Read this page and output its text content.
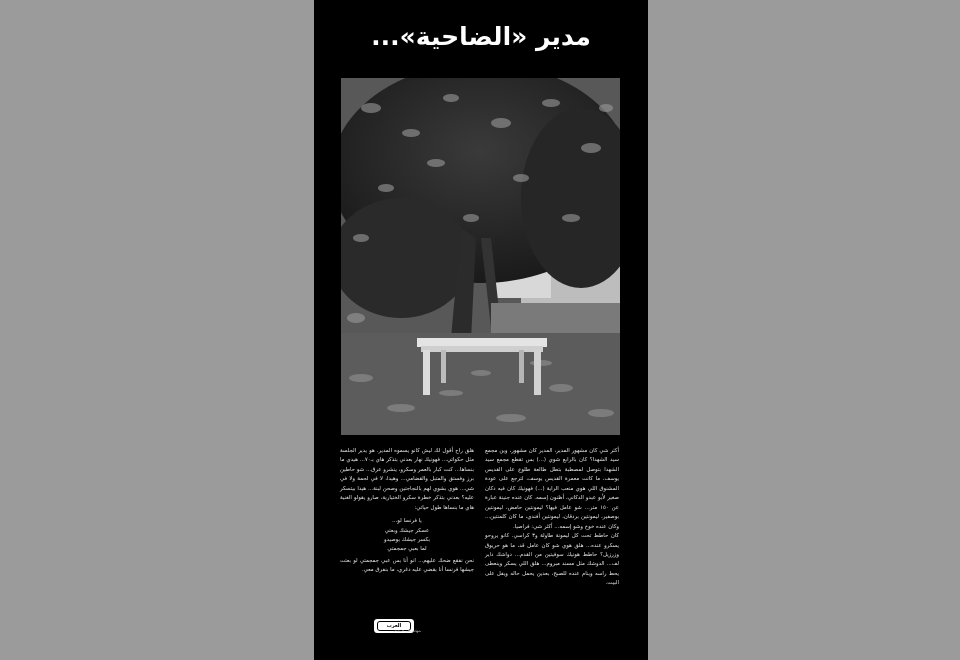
مدير «الضاحية»...

أكثر شي كان مشهور المدير، المدير كان مشهور، وين مجمع سيد الشهدا؟ كان بالرابع شوي (...) بس تقطع مجمع سيد الشهدا بتوصل لمصطبة بتطل طالعة طلوع على القديس يوسف، ما كانت معمرة القديس يوسف، لترجع على عودة المشنوق اللي هوي منعب الراية (...) فهونيك كان فيه دكان صغير لأبو عبدو الدكاني، أظنون إسمه. كان عنده جنينة عبارة عن ١٥٠ متر... شو عامل فيها؟ ليمونتين حامض، ليمونتين بوصفير، ليمونتين بردقان، ليمونتين أفندي، ما كان كلمنتين... وكان عنده خوخ وشو إسمه... أكثر شي: فراصيا.

كان حاطط تحت كل ليمونة طاولة و٣ كراسي. كانو يروحو يسكرو عنده... هلق هوي شو كان عامل قد، ما هو حريوق وزرزيل؟ حاطط هونيك سوفيتين من القدم... دواشك داير لف... الدوشك مثل مسند مبروم... هلق اللي يسكر وينعطى يحط راسه وينام عنده للصبح، بعدين يحمل حاله ويفل على البيت.

هلق راح أقول لك ليش كانو يسموه المدير. هو يدير الجلسة مثل حكواتي... فهونيك نهار بعدني بتذكر هاي بـ٧٠... هيدي ما بنساها... كنت كبار بالعمر وسكرو، ينشرو عرق... شو حاطين برز وفستق والمتبل والقضامي... وهيدا، لا في لحمة ولا في شي... هوي بشوي لهم بالنجاجتين وصحن لبنة... هيدا بيتسكر عليه؟ بعدني بتذكر خطرة سكرو الختيارية، صارو يقولو الغنية هاي ما بنساها طول حياتي:

يا فرنسا لو...
عسكر جيشك وبعتي
بكسر جيشك بوصيدو
لما بعبي جمجمتي

نحن نفقع ضحك عليهم... انو أنا بس عبي جمجمتي لو بعتت جيشها فرنسا أنا بقضي عليه دغري، ما بنفرق معي.

العرب
شهادة على المقدام
